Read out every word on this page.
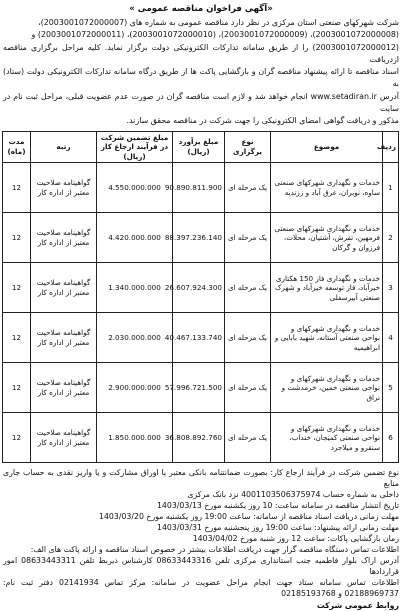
«آگهی فراخوان مناقصه عمومی »

شرکت شهرکهای صنعتی استان مرکزی در نظر دارد مناقصه عمومی به شماره های (2003001072000007)،

(2003001072000008)، (2003001072000009)، (2003001072000010)، (2003001072000011) و

(2003001072000012) را از طریق سامانه تدارکات الکترونیکی دولت برگزار نماید. کلیه مراحل برگزاری مناقصه ازدریافت

اسناد مناقصه تا ارائه پیشنهاد مناقصه گران و بازگشایی پاکت ها از طریق درگاه سامانه تدارکات الکترونیکی دولت (ستاد) به

آدرس www.setadiran.ir انجام خواهد شد و لازم است مناقصه گران در صورت عدم عضویت قبلی، مراحل ثبت نام در سایت

مذکور و دریافت گواهی امضای الکترونیکی را جهت شرکت در مناقصه محقق سازند.

ردیف	موضوع	نوع برگزاری	مبلغ برآورد (ریال)	مبلغ تضمین شرکت در فرآیند ارجاع کار (ریال)	رتبه	مدت (ماه)
1	خدمات و نگهداری شهرکهای صنعتی ساوه، نوبران، غرق آباد و زرندیه	یک مرحله ای	90.890.811.900	4.550.000.000	گواهینامه صلاحیت معتبر از اداره کار	12
2	خدمات و نگهداری شهرکهای صنعتی فرمهین، تفرش، آشتیان، محلات، فرزوان و گرکان	یک مرحله ای	88.397.236.140	4.420.000.000	گواهینامه صلاحیت معتبر از اداره کار	12
3	خدمات و نگهداری فاز 150 هکتاری خیرآباد، فاز توسعه خیرآباد و شهرک صنعتی آبیرسفلی	یک مرحله ای	26.607.924.300	1.340.000.000	گواهینامه صلاحیت معتبر از اداره کار	12
4	خدمات و نگهداری شهرکهای و نواحی صنعتی آستانه، شهید بابایی و ابراهیمیه	یک مرحله ای	40.467.133.740	2.030.000.000	گواهینامه صلاحیت معتبر از اداره کار	12
5	خدمات و نگهداری شهرکهای و نواحی صنعتی خمین، خرمدشت و نراق	یک مرحله ای	57.996.721.500	2.900.000.000	گواهینامه صلاحیت معتبر از اداره کار	12
6	خدمات و نگهداری شهرکهای و نواحی صنعتی کمیجان، خنداب، سنقرو و میلاجرد	یک مرحله ای	36.808.892.760	1.850.000.000	گواهینامه صلاحیت معتبر از اداره کار	12

نوع تضمین شرکت در فرآیند ارجاع کار: بصورت ضمانتنامه بانکی معتبر یا اوراق مشارکت و یا واریز نقدی به حساب جاری منابع

داخلی به شماره حساب 4001103506375974 نزد بانک مرکزی

تاریخ انتشار مناقصه در سامانه ساعت: 10 روز یکشنبه مورخ 1403/03/13

مهلت زمانی دریافت اسناد مناقصه از سامانه: ساعت 19:00 روز یکشنبه مورخ 1403/03/20

مهلت زمانی ارائه پیشنهاد: ساعت 19:00 روز پنجشنبه مورخ 1403/03/31

زمان بازگشایی پاکات: ساعت 12 روز شنبه مورخ 1403/04/02

اطلاعات تماس دستگاه مناقصه گزار جهت دریافت اطلاعات بیشتر در خصوص اسناد مناقصه و ارائه پاکت های الف:

آدرس اراک بلوار فاطمیه جنب استانداری مرکزی تلفن 08633443316 کارشناس ذیربط تلفن 08633443311 امور قراردادها

اطلاعات تماس سامانه ستاد جهت انجام مراحل عضویت در سامانه: مرکز تماس 02141934 دفتر ثبت نام: 02188969737 و 02185193768

روابط عمومی شرکت
